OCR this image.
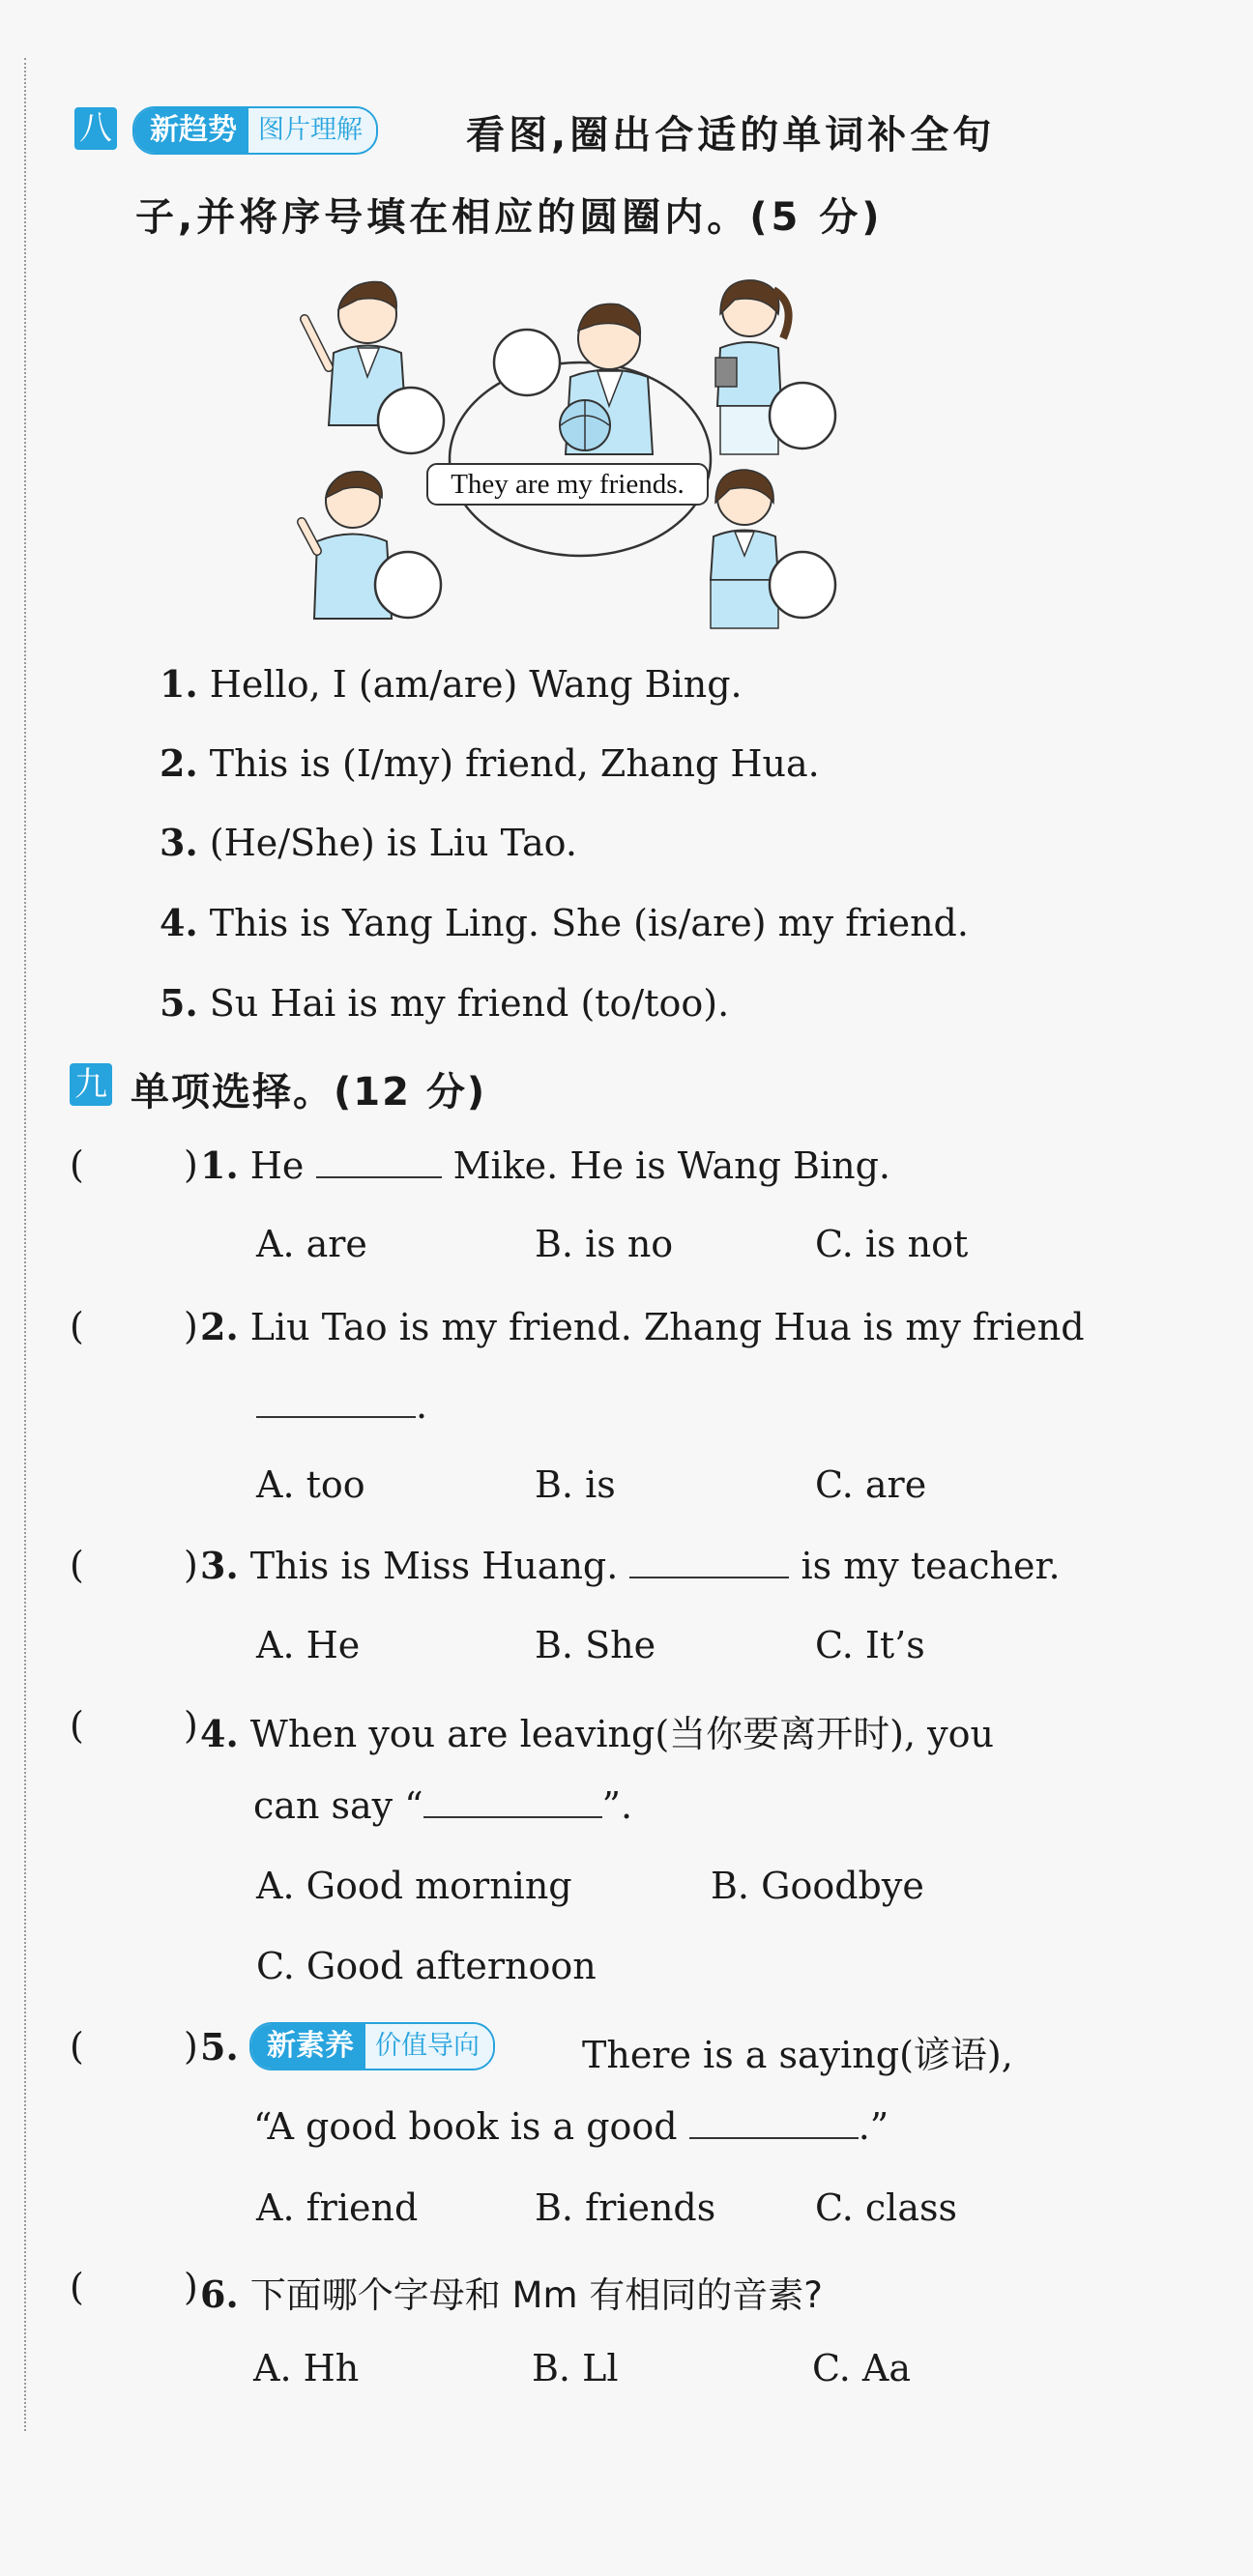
八	新趋势 图片理解	看图,圈出合适的单词补全句
子,并将序号填在相应的圆圈内。(5 分)
They are my friends.
1. Hello, I (am/are) Wang Bing.
2. This is (I/my) friend, Zhang Hua.
3. (He/She) is Liu Tao.
4. This is Yang Ling. She (is/are) my friend.
5. Su Hai is my friend (to/too).
九 单项选择。(12 分)
(	) 1. He	Mike. He is Wang Bing.
A. are	B. is no	C. is not
(	) 2. Liu Tao is my friend. Zhang Hua is my friend
.
A. too	B. is	C. are
(	) 3. This is Miss Huang.	is my teacher.
A. He	B. She	C. It’s
(	) 4. When you are leaving(当你要离开时), you
can say “	”.
A. Good morning	B. Goodbye
C. Good afternoon
(	) 5. 新素养 价值导向	There is a saying(谚语),
“A good book is a good	.”
A. friend	B. friends	C. class
(	) 6. 下面哪个字母和 Mm 有相同的音素?
A. Hh	B. Ll	C. Aa
